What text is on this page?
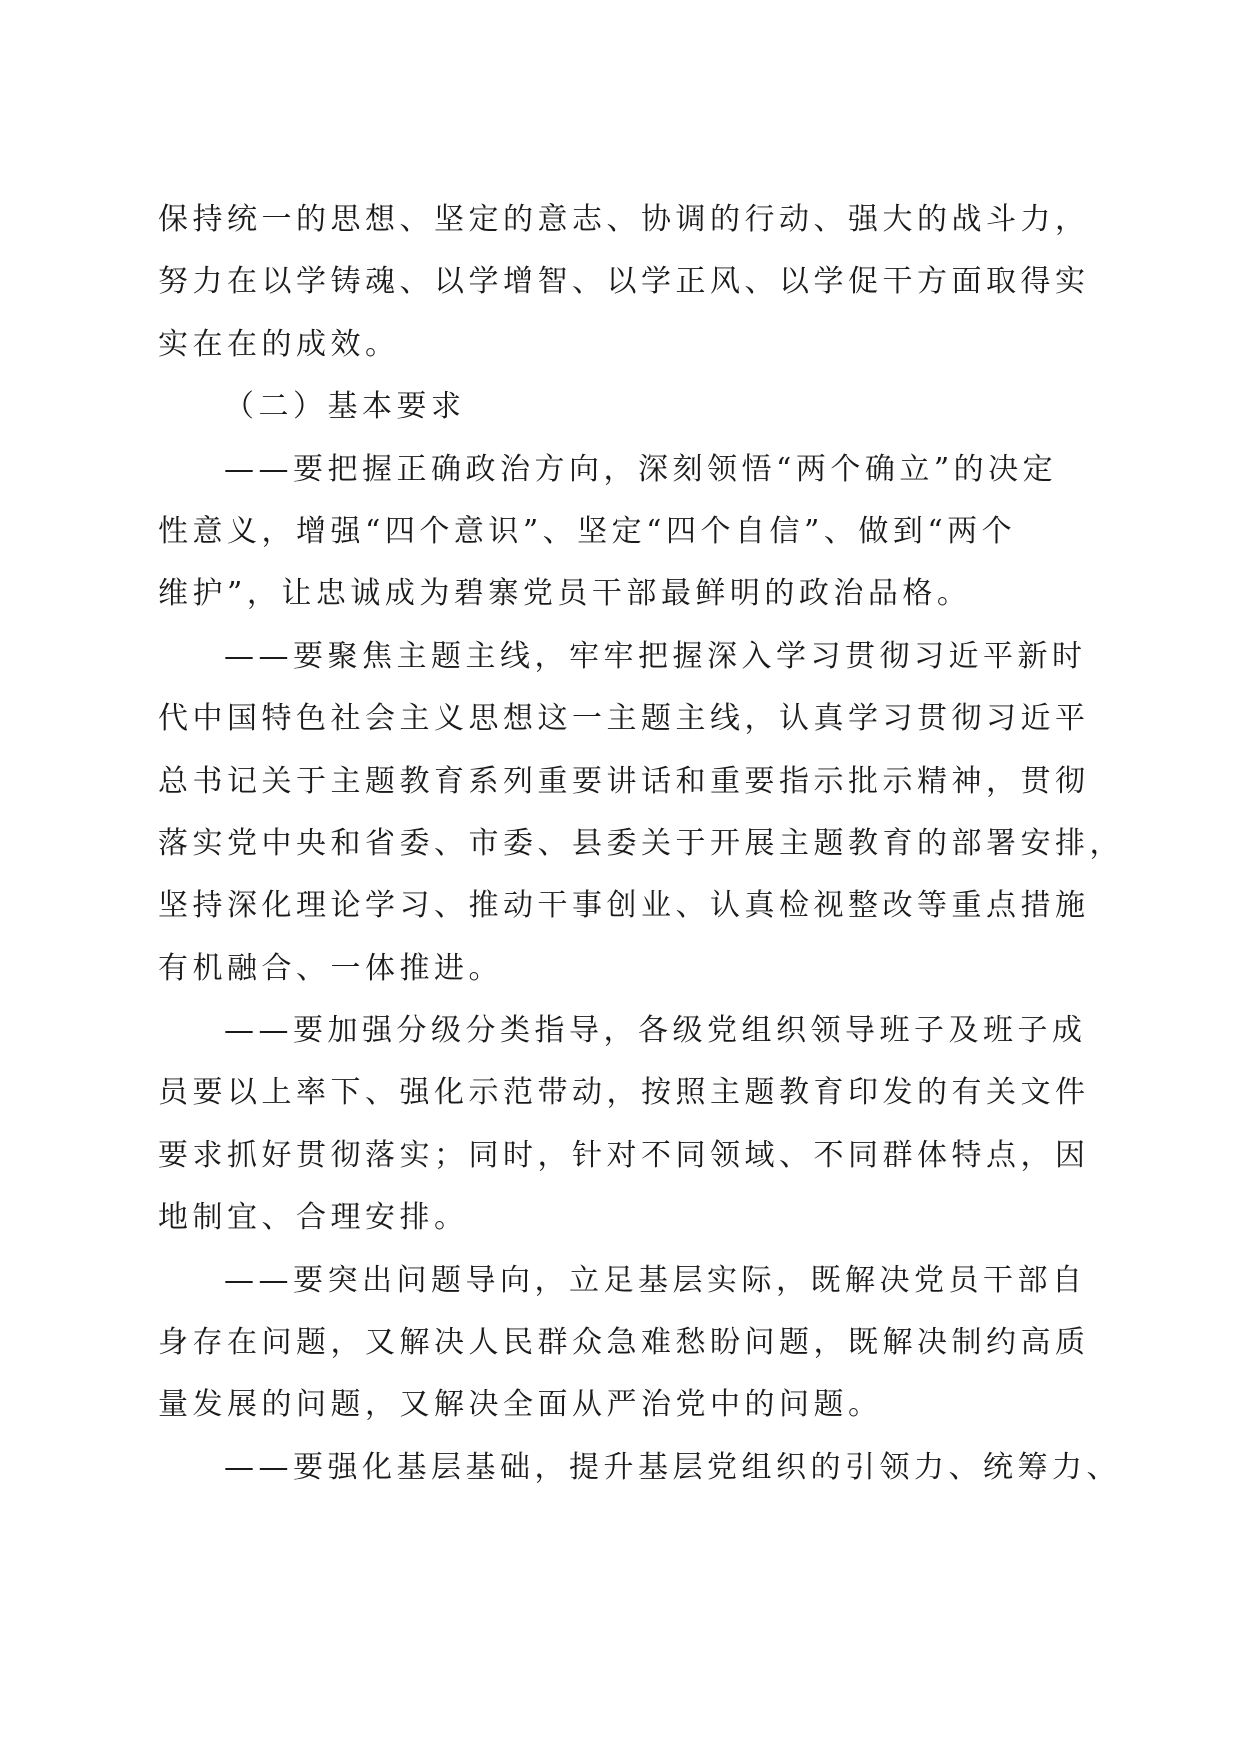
保持统一的思想、坚定的意志、协调的行动、强大的战斗力，
努力在以学铸魂、以学增智、以学正风、以学促干方面取得实
实在在的成效。
（二）基本要求
——要把握正确政治方向，深刻领悟“两个确立”的决定
性意义，增强“四个意识”、坚定“四个自信”、做到“两个
维护”，让忠诚成为碧寨党员干部最鲜明的政治品格。
——要聚焦主题主线，牢牢把握深入学习贯彻习近平新时
代中国特色社会主义思想这一主题主线，认真学习贯彻习近平
总书记关于主题教育系列重要讲话和重要指示批示精神，贯彻
落实党中央和省委、市委、县委关于开展主题教育的部署安排，
坚持深化理论学习、推动干事创业、认真检视整改等重点措施
有机融合、一体推进。
——要加强分级分类指导，各级党组织领导班子及班子成
员要以上率下、强化示范带动，按照主题教育印发的有关文件
要求抓好贯彻落实；同时，针对不同领域、不同群体特点，因
地制宜、合理安排。
——要突出问题导向，立足基层实际，既解决党员干部自
身存在问题，又解决人民群众急难愁盼问题，既解决制约高质
量发展的问题，又解决全面从严治党中的问题。
——要强化基层基础，提升基层党组织的引领力、统筹力、
